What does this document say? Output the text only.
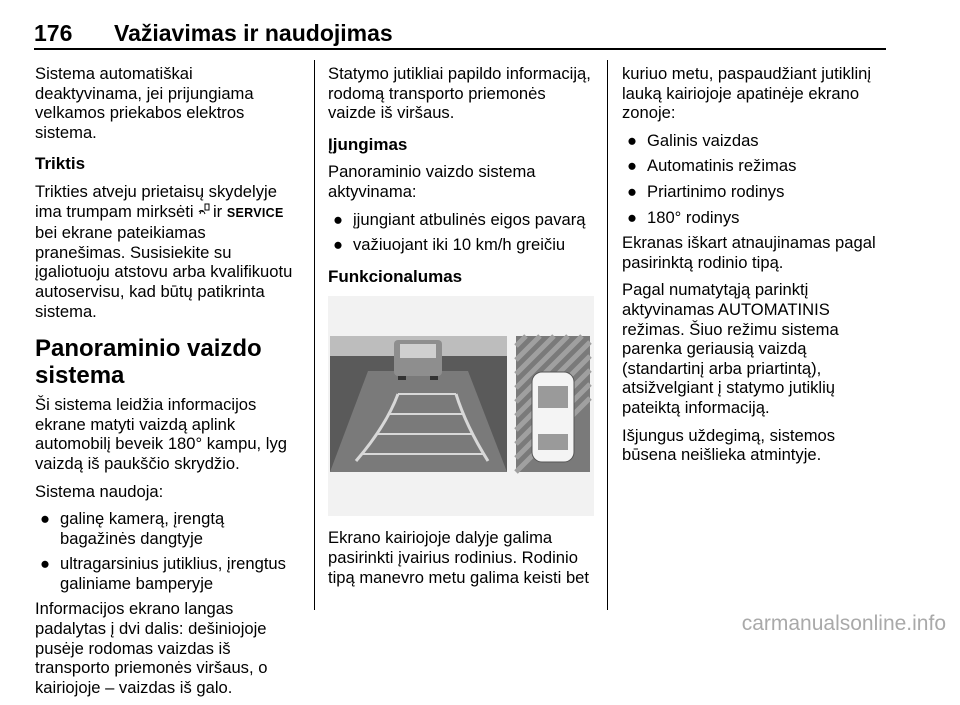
176 Važiavimas ir naudojimas

Sistema automatiškai deaktyvinama, jei prijungiama velkamos priekabos elektros sistema.

Triktis

Trikties atveju prietaisų skydelyje ima trumpam mirksėti ir SERVICE bei ekrane pateikiamas pranešimas. Susisiekite su įgaliotuoju atstovu arba kvalifikuotu autoservisu, kad būtų patikrinta sistema.

Panoraminio vaizdo sistema

Ši sistema leidžia informacijos ekrane matyti vaizdą aplink automobilį beveik 180° kampu, lyg vaizdą iš paukščio skrydžio.

Sistema naudoja:

● galinę kamerą, įrengtą bagažinės dangtyje
● ultragarsinius jutiklius, įrengtus galiniame bamperyje

Informacijos ekrano langas padalytas į dvi dalis: dešiniojoje pusėje rodomas vaizdas iš transporto priemonės viršaus, o kairiojoje – vaizdas iš galo.

Statymo jutikliai papildo informaciją, rodomą transporto priemonės vaizde iš viršaus.

Įjungimas

Panoraminio vaizdo sistema aktyvinama:

● įjungiant atbulinės eigos pavarą
● važiuojant iki 10 km/h greičiu
Funkcionalumas

Ekrano kairiojoje dalyje galima pasirinkti įvairius rodinius. Rodinio tipą manevro metu galima keisti bet

kuriuo metu, paspaudžiant jutiklinį lauką kairiojoje apatinėje ekrano zonoje:

● Galinis vaizdas
● Automatinis režimas
● Priartinimo rodinys
● 180° rodinys

Ekranas iškart atnaujinamas pagal pasirinktą rodinio tipą.

Pagal numatytąją parinktį aktyvinamas AUTOMATINIS režimas. Šiuo režimu sistema parenka geriausią vaizdą (standartinį arba priartintą), atsižvelgiant į statymo jutiklių pateiktą informaciją.

Išjungus uždegimą, sistemos būsena neišlieka atmintyje.

carmanualsonline.info
